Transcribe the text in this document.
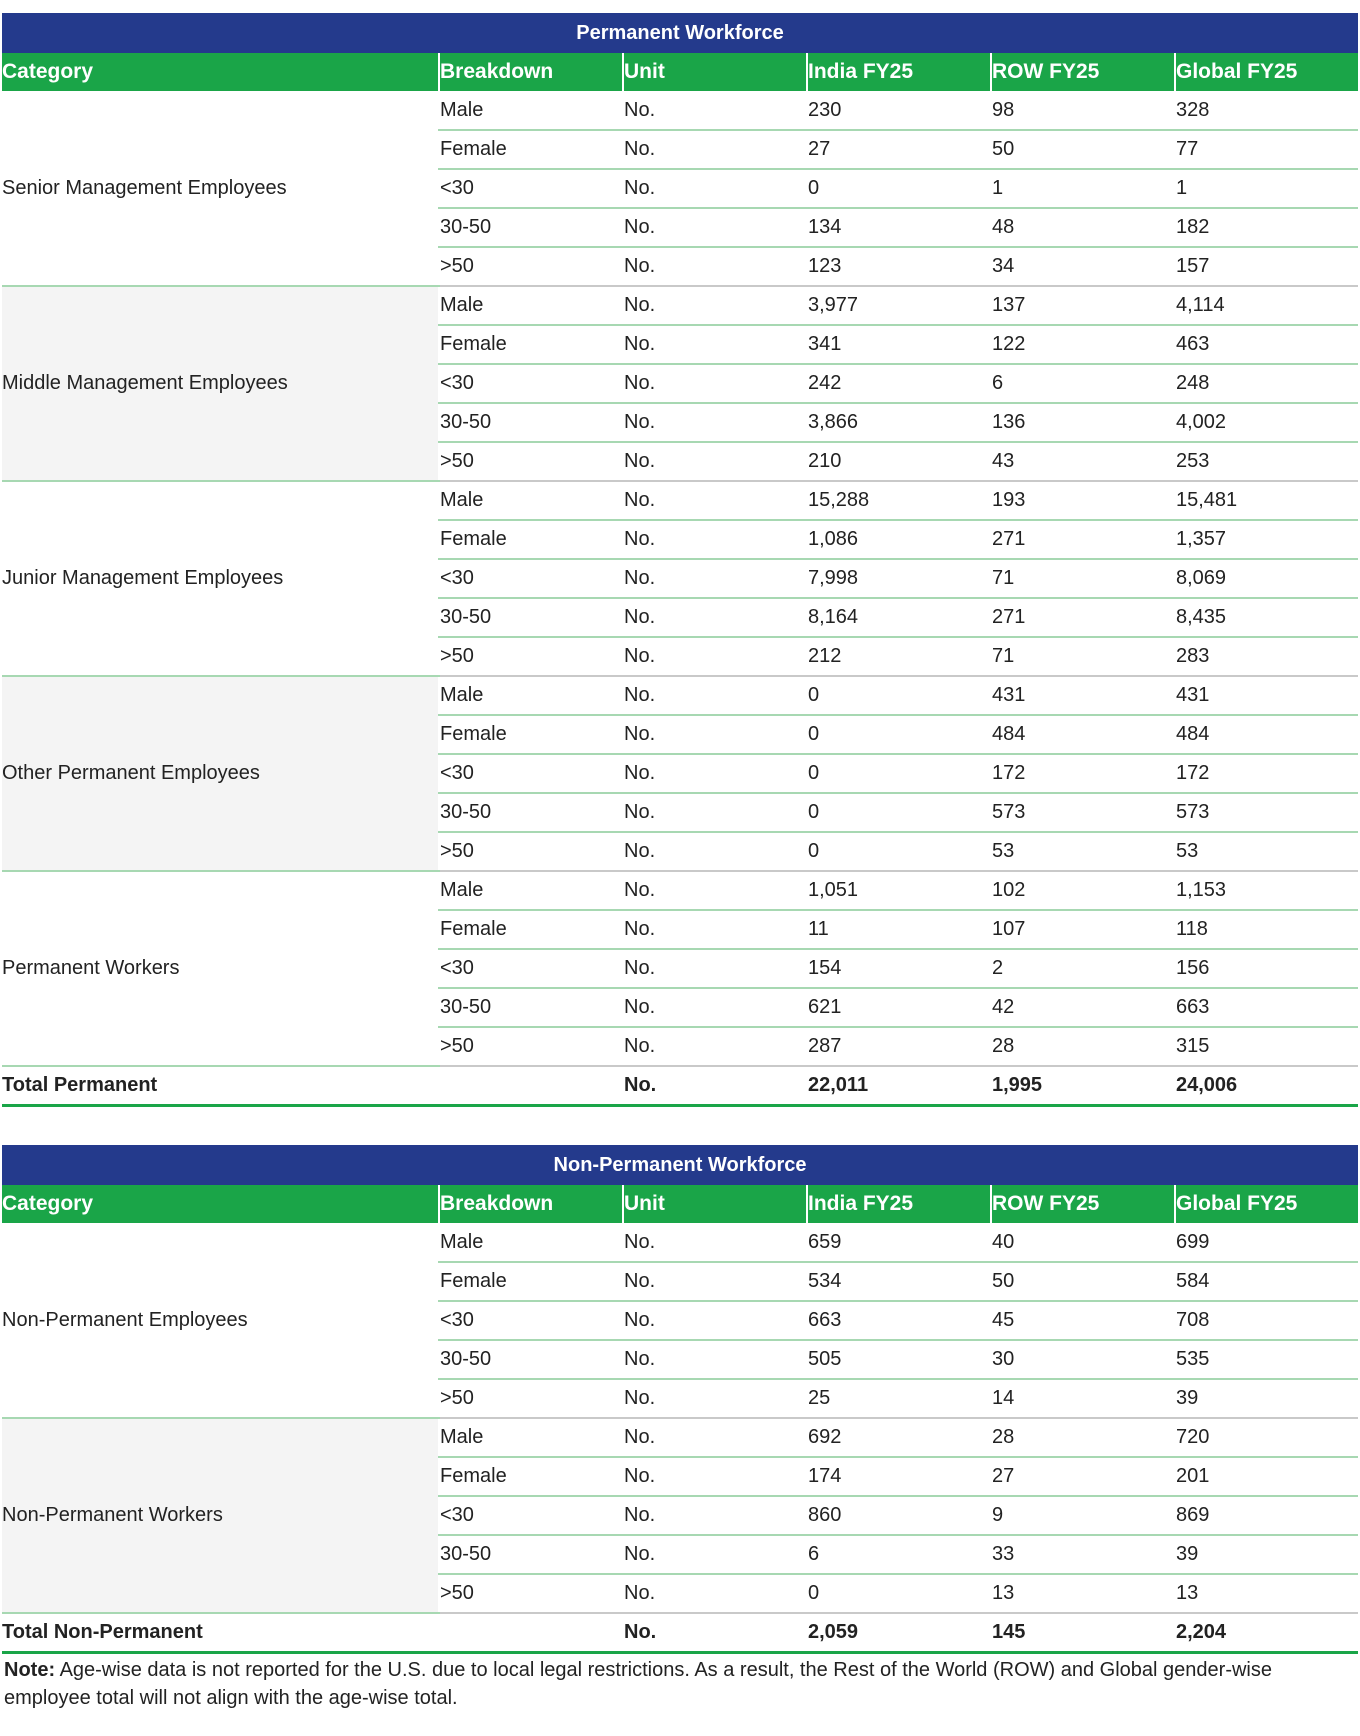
Permanent Workforce					
Category	Breakdown	Unit	India FY25	ROW FY25	Global FY25
Senior Management Employees	Male	No.	230	98	328
	Female	No.	27	50	77
	<30	No.	0	1	1
	30-50	No.	134	48	182
	>50	No.	123	34	157
Middle Management Employees	Male	No.	3,977	137	4,114
	Female	No.	341	122	463
	<30	No.	242	6	248
	30-50	No.	3,866	136	4,002
	>50	No.	210	43	253
Junior Management Employees	Male	No.	15,288	193	15,481
	Female	No.	1,086	271	1,357
	<30	No.	7,998	71	8,069
	30-50	No.	8,164	271	8,435
	>50	No.	212	71	283
Other Permanent Employees	Male	No.	0	431	431
	Female	No.	0	484	484
	<30	No.	0	172	172
	30-50	No.	0	573	573
	>50	No.	0	53	53
Permanent Workers	Male	No.	1,051	102	1,153
	Female	No.	11	107	118
	<30	No.	154	2	156
	30-50	No.	621	42	663
	>50	No.	287	28	315
Total Permanent		No.	22,011	1,995	24,006
Non-Permanent Workforce					
Category	Breakdown	Unit	India FY25	ROW FY25	Global FY25
Non-Permanent Employees	Male	No.	659	40	699
	Female	No.	534	50	584
	<30	No.	663	45	708
	30-50	No.	505	30	535
	>50	No.	25	14	39
Non-Permanent Workers	Male	No.	692	28	720
	Female	No.	174	27	201
	<30	No.	860	9	869
	30-50	No.	6	33	39
	>50	No.	0	13	13
Total Non-Permanent		No.	2,059	145	2,204
Note: Age-wise data is not reported for the U.S. due to local legal restrictions. As a result, the Rest of the World (ROW) and Global gender-wise employee total will not align with the age-wise total.
